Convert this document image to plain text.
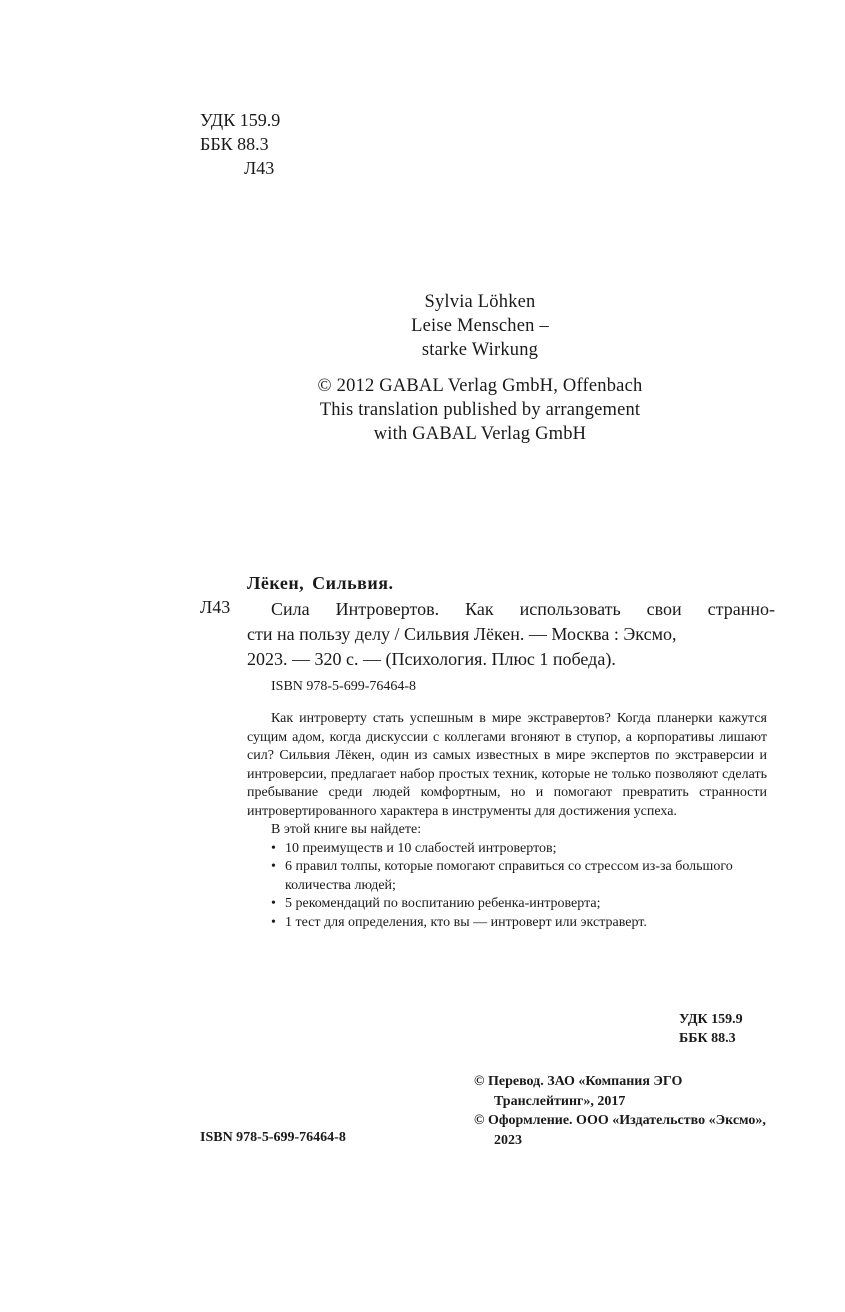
УДК 159.9
ББК 88.3
Л43
Sylvia Löhken
Leise Menschen –
starke Wirkung
© 2012 GABAL Verlag GmbH, Offenbach
This translation published by arrangement
with GABAL Verlag GmbH
Лёкен, Сильвия.
Л43	Сила Интровертов. Как использовать свои странно-
сти на пользу делу / Сильвия Лёкен. — Москва : Эксмо,
2023. — 320 с. — (Психология. Плюс 1 победа).
ISBN 978-5-699-76464-8
Как интроверту стать успешным в мире экстравертов? Когда планерки кажутся сущим адом, когда дискуссии с коллегами вгоняют в ступор, а корпоративы лишают сил? Сильвия Лёкен, один из самых известных в мире экспертов по экстраверсии и интроверсии, предлагает набор простых техник, которые не только позволяют сделать пребывание среди людей комфортным, но и помогают превратить странности интровертированного характера в инструменты для достижения успеха.
В этой книге вы найдете:
• 10 преимуществ и 10 слабостей интровертов;
• 6 правил толпы, которые помогают справиться со стрессом из-за большого количества людей;
• 5 рекомендаций по воспитанию ребенка-интроверта;
• 1 тест для определения, кто вы — интроверт или экстраверт.
УДК 159.9
ББК 88.3
© Перевод. ЗАО «Компания ЭГО Транслейтинг», 2017
© Оформление. ООО «Издательство «Эксмо», 2023
ISBN 978-5-699-76464-8
